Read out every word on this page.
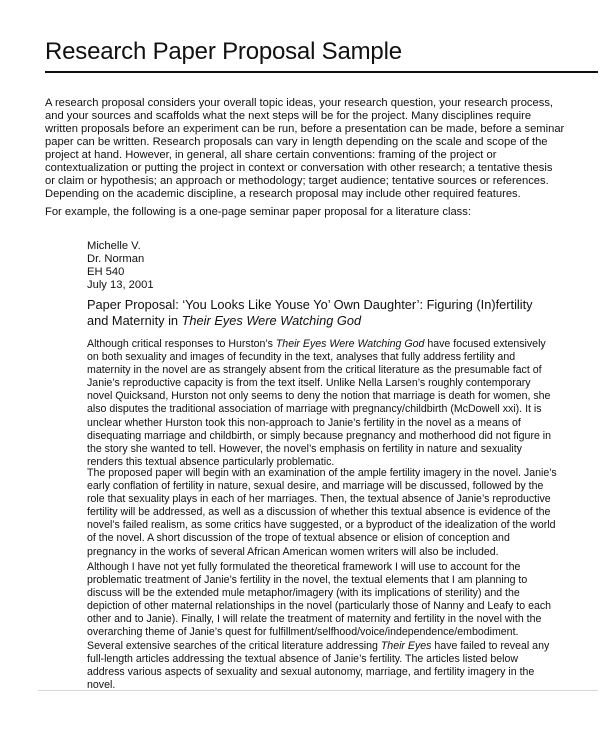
Research Paper Proposal Sample

A research proposal considers your overall topic ideas, your research question, your research process, and your sources and scaffolds what the next steps will be for the project. Many disciplines require written proposals before an experiment can be run, before a presentation can be made, before a seminar paper can be written. Research proposals can vary in length depending on the scale and scope of the project at hand. However, in general, all share certain conventions: framing of the project or contextualization or putting the project in context or conversation with other research; a tentative thesis or claim or hypothesis; an approach or methodology; target audience; tentative sources or references. Depending on the academic discipline, a research proposal may include other required features.

For example, the following is a one-page seminar paper proposal for a literature class:

Michelle V.
Dr. Norman
EH 540
July 13, 2001
Paper Proposal: ‘You Looks Like Youse Yo’ Own Daughter’: Figuring (In)fertility and Maternity in Their Eyes Were Watching God

Although critical responses to Hurston’s Their Eyes Were Watching God have focused extensively on both sexuality and images of fecundity in the text, analyses that fully address fertility and maternity in the novel are as strangely absent from the critical literature as the presumable fact of Janie’s reproductive capacity is from the text itself. Unlike Nella Larsen’s roughly contemporary novel Quicksand, Hurston not only seems to deny the notion that marriage is death for women, she also disputes the traditional association of marriage with pregnancy/childbirth (McDowell xxi). It is unclear whether Hurston took this non-approach to Janie’s fertility in the novel as a means of disequating marriage and childbirth, or simply because pregnancy and motherhood did not figure in the story she wanted to tell. However, the novel’s emphasis on fertility in nature and sexuality renders this textual absence particularly problematic.

The proposed paper will begin with an examination of the ample fertility imagery in the novel. Janie’s early conflation of fertility in nature, sexual desire, and marriage will be discussed, followed by the role that sexuality plays in each of her marriages. Then, the textual absence of Janie’s reproductive fertility will be addressed, as well as a discussion of whether this textual absence is evidence of the novel’s failed realism, as some critics have suggested, or a byproduct of the idealization of the world of the novel. A short discussion of the trope of textual absence or elision of conception and pregnancy in the works of several African American women writers will also be included.

Although I have not yet fully formulated the theoretical framework I will use to account for the problematic treatment of Janie’s fertility in the novel, the textual elements that I am planning to discuss will be the extended mule metaphor/imagery (with its implications of sterility) and the depiction of other maternal relationships in the novel (particularly those of Nanny and Leafy to each other and to Janie). Finally, I will relate the treatment of maternity and fertility in the novel with the overarching theme of Janie’s quest for fulfillment/selfhood/voice/independence/embodiment.

Several extensive searches of the critical literature addressing Their Eyes have failed to reveal any full-length articles addressing the textual absence of Janie’s fertility. The articles listed below address various aspects of sexuality and sexual autonomy, marriage, and fertility imagery in the novel.
